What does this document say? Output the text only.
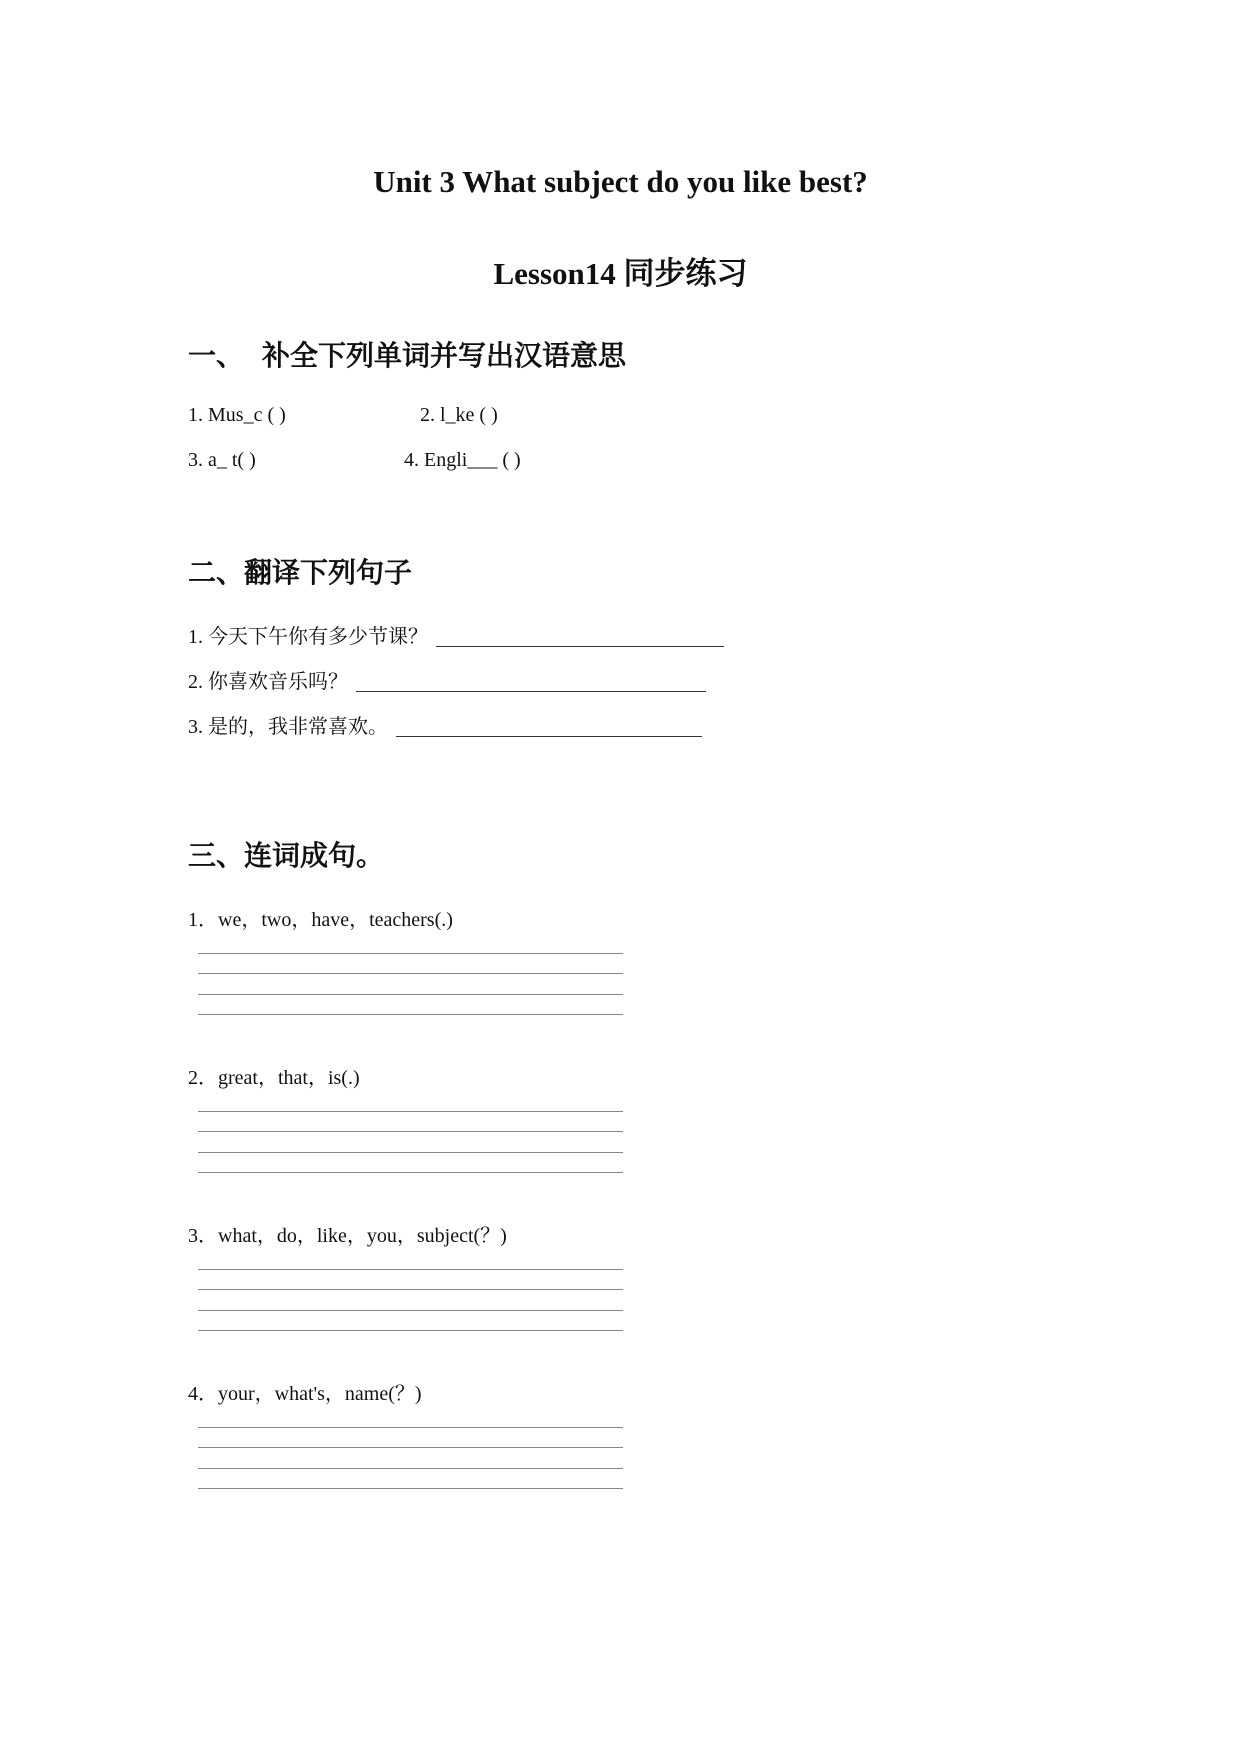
Unit 3 What subject do you like best?
Lesson14 同步练习
一、 补全下列单词并写出汉语意思
1. Mus_c ( )	2. l_ke ( )
3. a_ t( )	4. Engli___ ( )
二、翻译下列句子
1. 今天下午你有多少节课？
2. 你喜欢音乐吗？
3. 是的，我非常喜欢。
三、连词成句。
1．we，two，have，teachers(.)
2．great，that，is(.)
3．what，do，like，you，subject(？)
4．your，what's，name(？)
